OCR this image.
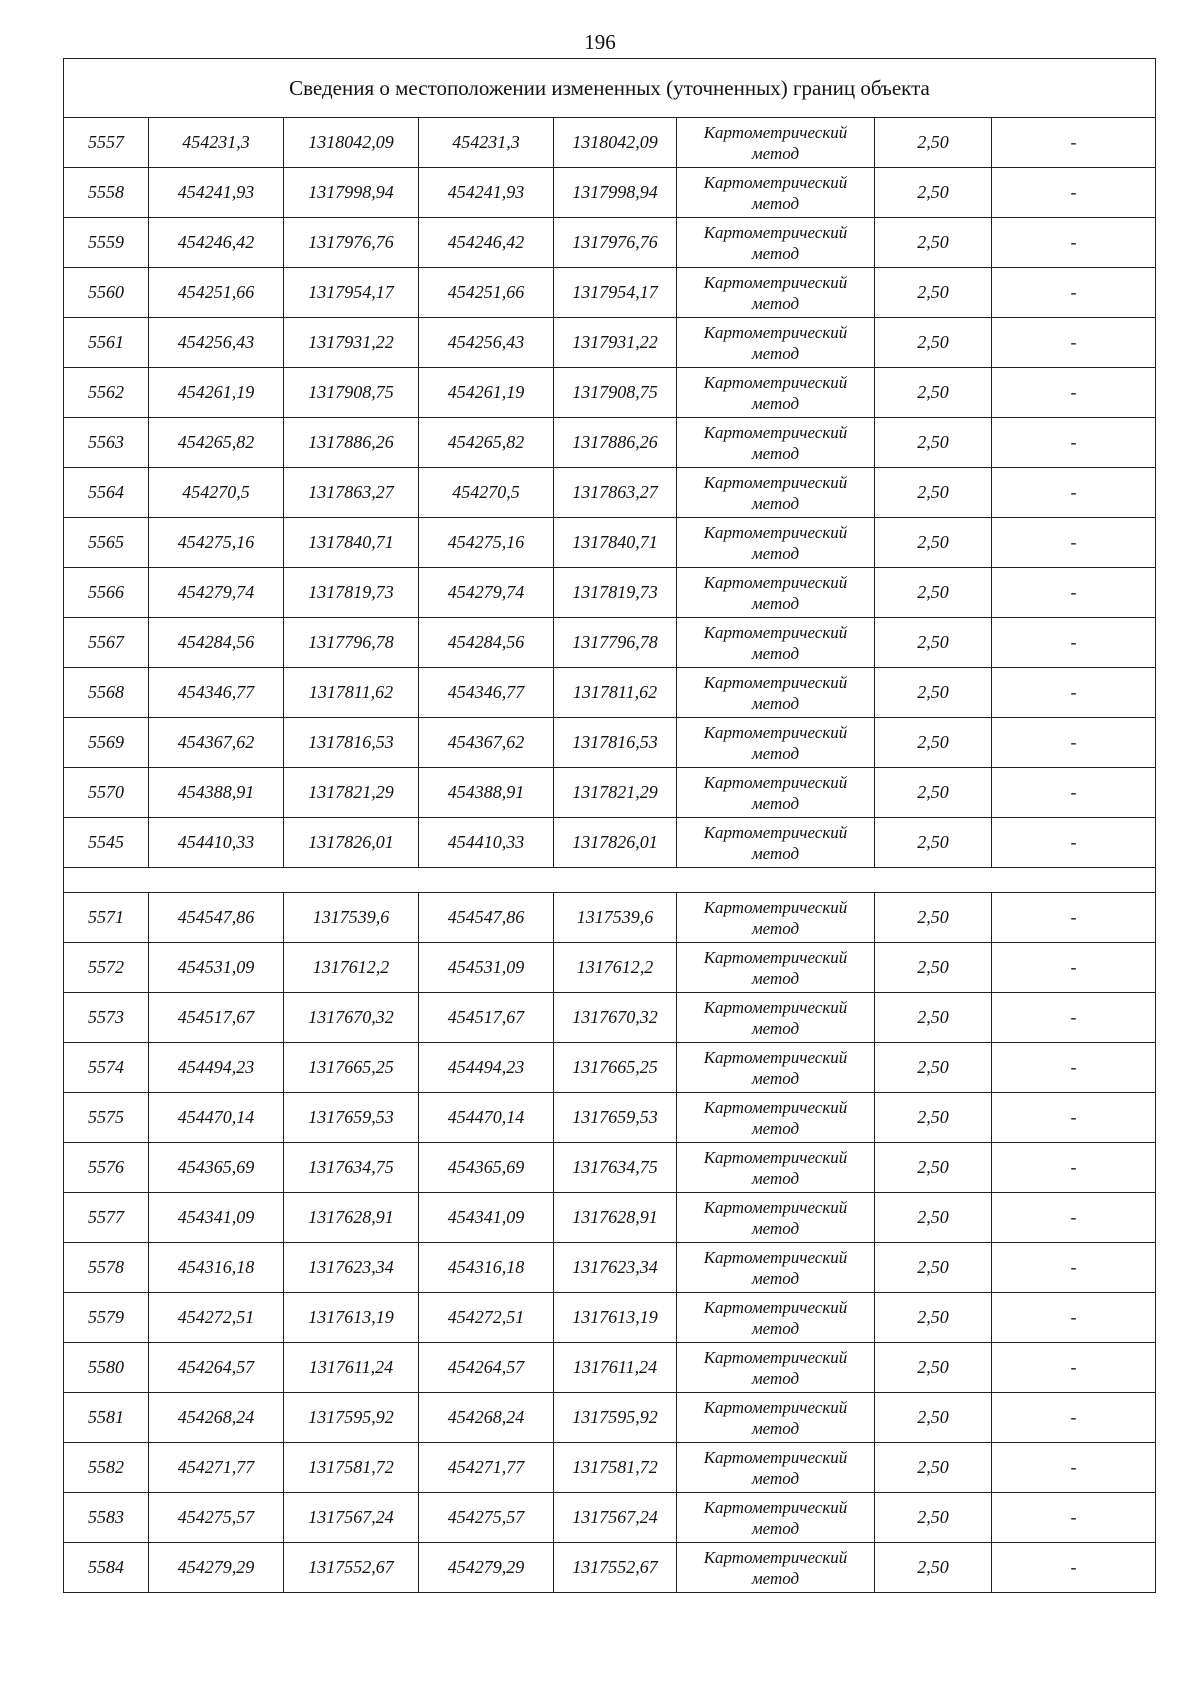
196
Сведения о местоположении измененных (уточненных) границ объекта							
5557	454231,3	1318042,09	454231,3	1318042,09	Картометрический
метод	2,50	-
5558	454241,93	1317998,94	454241,93	1317998,94	Картометрический
метод	2,50	-
5559	454246,42	1317976,76	454246,42	1317976,76	Картометрический
метод	2,50	-
5560	454251,66	1317954,17	454251,66	1317954,17	Картометрический
метод	2,50	-
5561	454256,43	1317931,22	454256,43	1317931,22	Картометрический
метод	2,50	-
5562	454261,19	1317908,75	454261,19	1317908,75	Картометрический
метод	2,50	-
5563	454265,82	1317886,26	454265,82	1317886,26	Картометрический
метод	2,50	-
5564	454270,5	1317863,27	454270,5	1317863,27	Картометрический
метод	2,50	-
5565	454275,16	1317840,71	454275,16	1317840,71	Картометрический
метод	2,50	-
5566	454279,74	1317819,73	454279,74	1317819,73	Картометрический
метод	2,50	-
5567	454284,56	1317796,78	454284,56	1317796,78	Картометрический
метод	2,50	-
5568	454346,77	1317811,62	454346,77	1317811,62	Картометрический
метод	2,50	-
5569	454367,62	1317816,53	454367,62	1317816,53	Картометрический
метод	2,50	-
5570	454388,91	1317821,29	454388,91	1317821,29	Картометрический
метод	2,50	-
5545	454410,33	1317826,01	454410,33	1317826,01	Картометрический
метод	2,50	-

5571	454547,86	1317539,6	454547,86	1317539,6	Картометрический
метод	2,50	-
5572	454531,09	1317612,2	454531,09	1317612,2	Картометрический
метод	2,50	-
5573	454517,67	1317670,32	454517,67	1317670,32	Картометрический
метод	2,50	-
5574	454494,23	1317665,25	454494,23	1317665,25	Картометрический
метод	2,50	-
5575	454470,14	1317659,53	454470,14	1317659,53	Картометрический
метод	2,50	-
5576	454365,69	1317634,75	454365,69	1317634,75	Картометрический
метод	2,50	-
5577	454341,09	1317628,91	454341,09	1317628,91	Картометрический
метод	2,50	-
5578	454316,18	1317623,34	454316,18	1317623,34	Картометрический
метод	2,50	-
5579	454272,51	1317613,19	454272,51	1317613,19	Картометрический
метод	2,50	-
5580	454264,57	1317611,24	454264,57	1317611,24	Картометрический
метод	2,50	-
5581	454268,24	1317595,92	454268,24	1317595,92	Картометрический
метод	2,50	-
5582	454271,77	1317581,72	454271,77	1317581,72	Картометрический
метод	2,50	-
5583	454275,57	1317567,24	454275,57	1317567,24	Картометрический
метод	2,50	-
5584	454279,29	1317552,67	454279,29	1317552,67	Картометрический
метод	2,50	-
